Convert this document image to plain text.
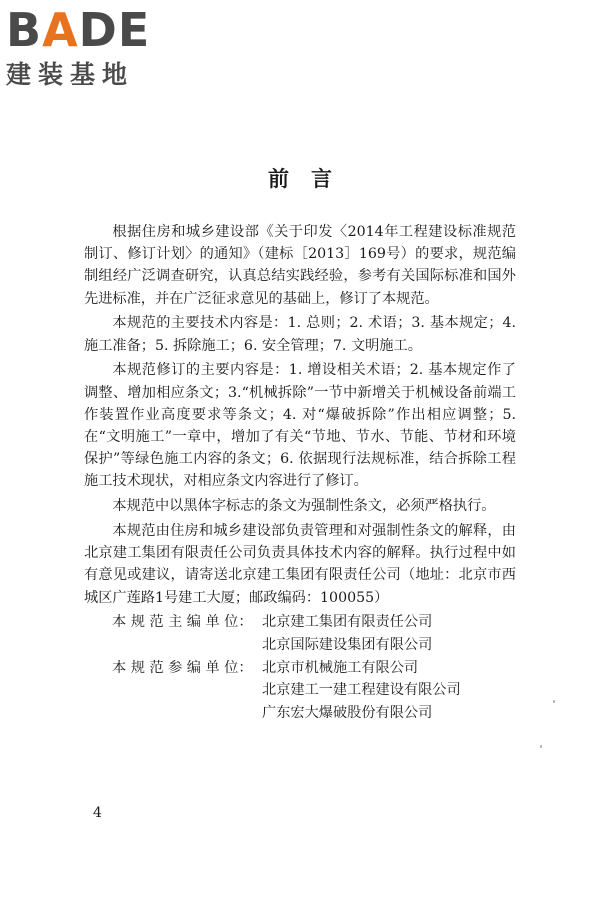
B A DE
建装基地
前言

根据住房和城乡建设部《关于印发〈2014年工程建设标准规范制订、修订计划〉的通知》（建标［2013］169号）的要求，规范编制组经广泛调查研究，认真总结实践经验，参考有关国际标准和国外先进标准，并在广泛征求意见的基础上，修订了本规范。

本规范的主要技术内容是：1. 总则；2. 术语；3. 基本规定；4. 施工准备；5. 拆除施工；6. 安全管理；7. 文明施工。

本规范修订的主要内容是：1. 增设相关术语；2. 基本规定作了调整、增加相应条文；3.“机械拆除”一节中新增关于机械设备前端工作装置作业高度要求等条文；4. 对“爆破拆除”作出相应调整；5. 在“文明施工”一章中，增加了有关“节地、节水、节能、节材和环境保护”等绿色施工内容的条文；6. 依据现行法规标准，结合拆除工程施工技术现状，对相应条文内容进行了修订。

本规范中以黑体字标志的条文为强制性条文，必须严格执行。

本规范由住房和城乡建设部负责管理和对强制性条文的解释，由北京建工集团有限责任公司负责具体技术内容的解释。执行过程中如有意见或建议，请寄送北京建工集团有限责任公司（地址：北京市西城区广莲路1号建工大厦；邮政编码：100055）

本 规 范 主 编 单 位： 北京建工集团有限责任公司
北京国际建设集团有限公司
本 规 范 参 编 单 位： 北京市机械施工有限公司
北京建工一建工程建设有限公司
广东宏大爆破股份有限公司
4
